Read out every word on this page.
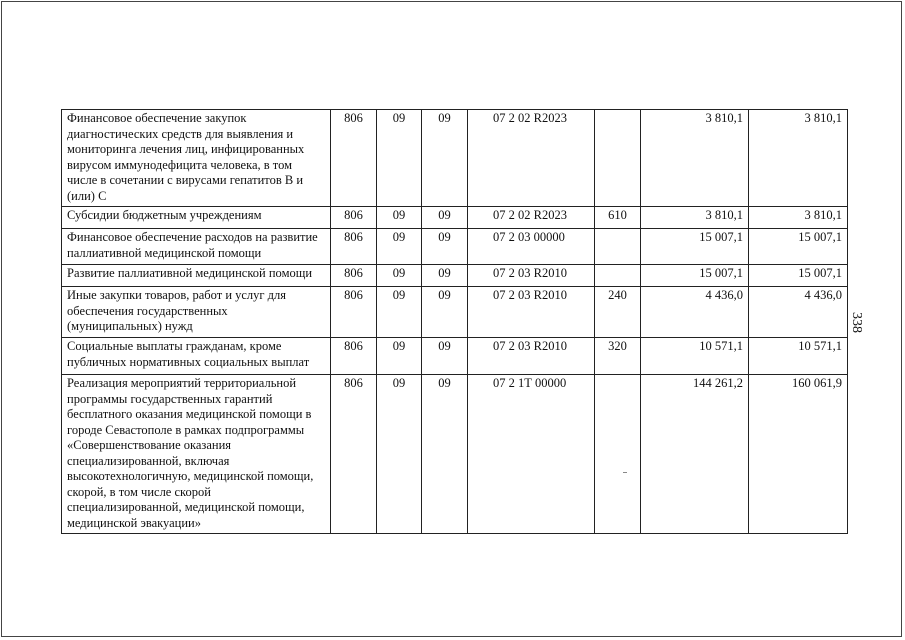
Финансовое обеспечение закупок диагностических средств для выявления и мониторинга лечения лиц, инфицированных вирусом иммунодефицита человека, в том числе в сочетании с вирусами гепатитов В и (или) С	806	09	09	07 2 02 R2023		3 810,1	3 810,1
Субсидии бюджетным учреждениям	806	09	09	07 2 02 R2023	610	3 810,1	3 810,1
Финансовое обеспечение расходов на развитие паллиативной медицинской помощи	806	09	09	07 2 03 00000		15 007,1	15 007,1
Развитие паллиативной медицинской помощи	806	09	09	07 2 03 R2010		15 007,1	15 007,1
Иные закупки товаров, работ и услуг для обеспечения государственных (муниципальных) нужд	806	09	09	07 2 03 R2010	240	4 436,0	4 436,0
Социальные выплаты гражданам, кроме публичных нормативных социальных выплат	806	09	09	07 2 03 R2010	320	10 571,1	10 571,1
Реализация мероприятий территориальной программы государственных гарантий бесплатного оказания медицинской помощи в городе Севастополе в рамках подпрограммы «Совершенствование оказания специализированной, включая высокотехнологичную, медицинской помощи, скорой, в том числе скорой специализированной, медицинской помощи, медицинской эвакуации»	806	09	09	07 2 1Т 00000		144 261,2	160 061,9
338
